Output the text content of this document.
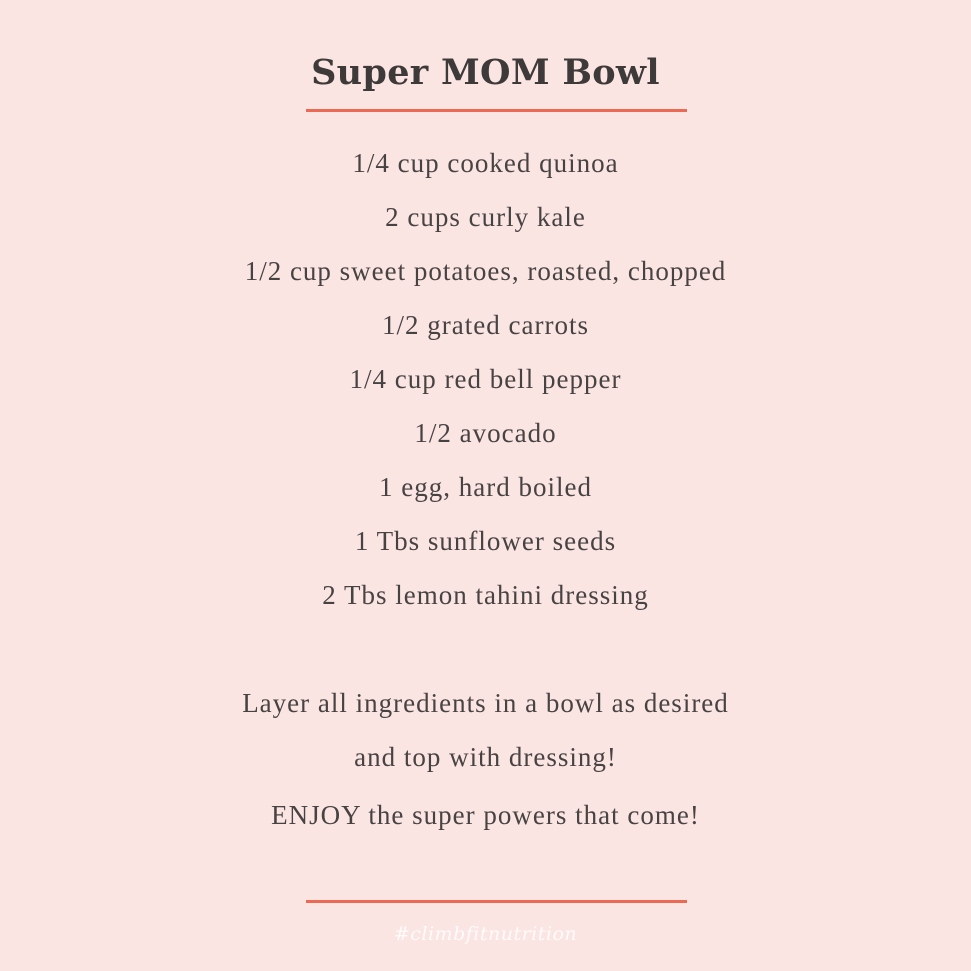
Super MOM Bowl
1/4 cup cooked quinoa
2 cups curly kale
1/2 cup sweet potatoes, roasted, chopped
1/2 grated carrots
1/4 cup red bell pepper
1/2 avocado
1 egg, hard boiled
1 Tbs sunflower seeds
2 Tbs lemon tahini dressing
Layer all ingredients in a bowl as desired
and top with dressing!
ENJOY the super powers that come!
#climbfitnutrition
